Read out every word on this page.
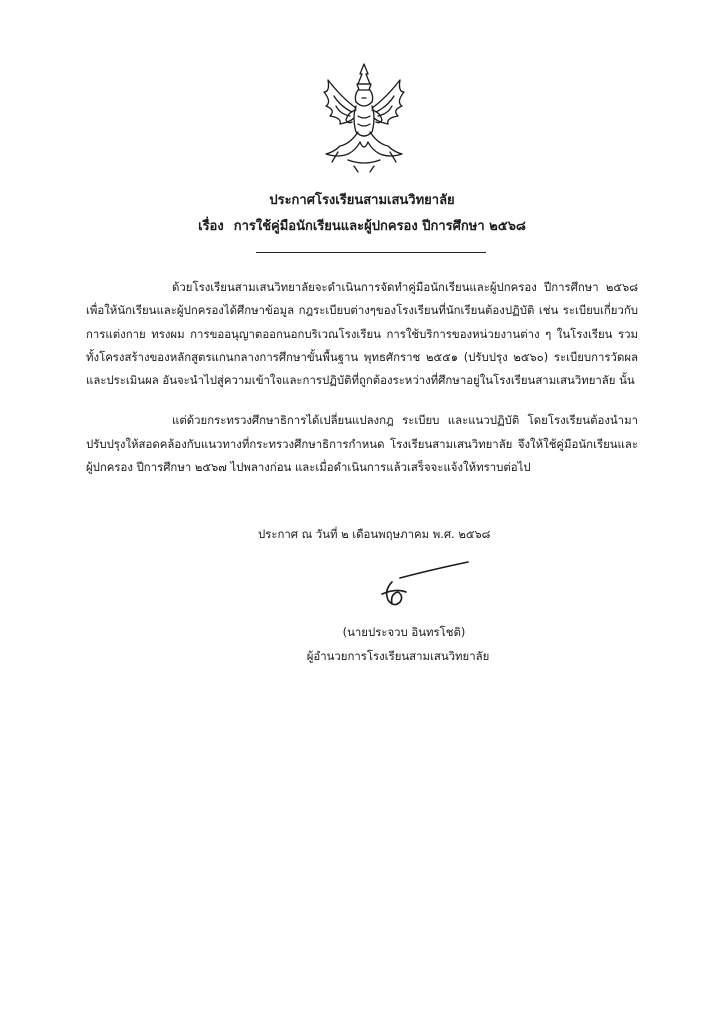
ประกาศโรงเรียนสามเสนวิทยาลัย
เรื่อง การใช้คู่มือนักเรียนและผู้ปกครอง ปีการศึกษา ๒๕๖๘

ด้วยโรงเรียนสามเสนวิทยาลัยจะดำเนินการจัดทำคู่มือนักเรียนและผู้ปกครอง ปีการศึกษา ๒๕๖๘ เพื่อให้นักเรียนและผู้ปกครองได้ศึกษาข้อมูล กฎระเบียบต่างๆของโรงเรียนที่นักเรียนต้องปฏิบัติ เช่น ระเบียบเกี่ยวกับการแต่งกาย ทรงผม การขออนุญาตออกนอกบริเวณโรงเรียน การใช้บริการของหน่วยงานต่าง ๆ ในโรงเรียน รวมทั้งโครงสร้างของหลักสูตรแกนกลางการศึกษาขั้นพื้นฐาน พุทธศักราช ๒๕๕๑ (ปรับปรุง ๒๕๖๐) ระเบียบการวัดผลและประเมินผล อันจะนำไปสู่ความเข้าใจและการปฏิบัติที่ถูกต้องระหว่างที่ศึกษาอยู่ในโรงเรียนสามเสนวิทยาลัย นั้น

แต่ด้วยกระทรวงศึกษาธิการได้เปลี่ยนแปลงกฎ ระเบียบ และแนวปฏิบัติ โดยโรงเรียนต้องนำมาปรับปรุงให้สอดคล้องกับแนวทางที่กระทรวงศึกษาธิการกำหนด โรงเรียนสามเสนวิทยาลัย จึงให้ใช้คู่มือนักเรียนและผู้ปกครอง ปีการศึกษา ๒๕๖๗ ไปพลางก่อน และเมื่อดำเนินการแล้วเสร็จจะแจ้งให้ทราบต่อไป

ประกาศ ณ วันที่ ๒ เดือนพฤษภาคม พ.ศ. ๒๕๖๘
(นายประจวบ อินทรโชติ)
ผู้อำนวยการโรงเรียนสามเสนวิทยาลัย
